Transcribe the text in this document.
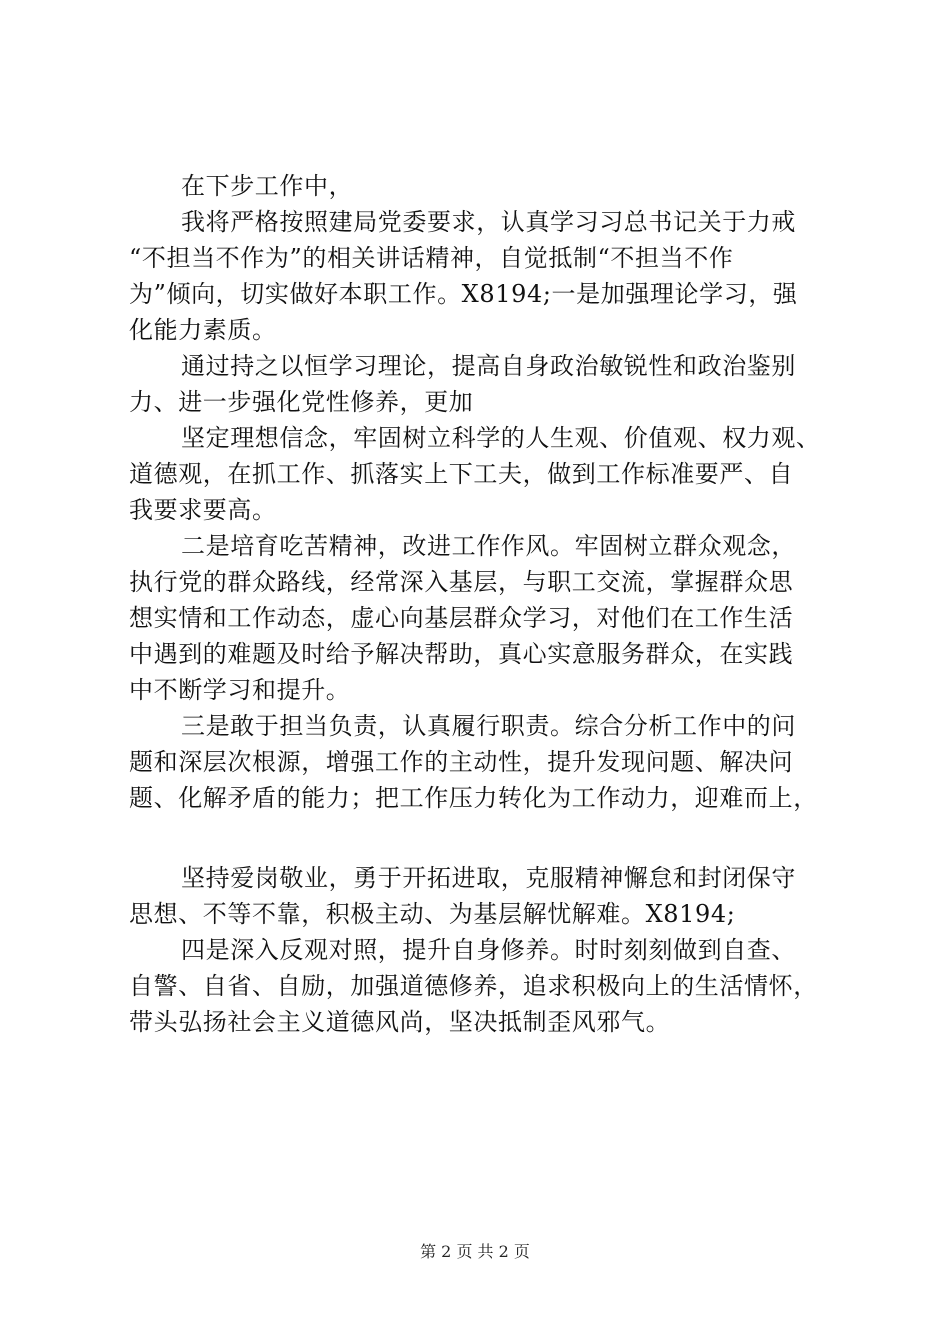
在下步工作中，
我将严格按照建局党委要求，认真学习习总书记关于力戒
“不担当不作为”的相关讲话精神，自觉抵制“不担当不作
为”倾向，切实做好本职工作。X8194;一是加强理论学习，强
化能力素质。
通过持之以恒学习理论，提高自身政治敏锐性和政治鉴别
力、进一步强化党性修养，更加
坚定理想信念，牢固树立科学的人生观、价值观、权力观、
道德观，在抓工作、抓落实上下工夫，做到工作标准要严、自
我要求要高。
二是培育吃苦精神，改进工作作风。牢固树立群众观念，
执行党的群众路线，经常深入基层，与职工交流，掌握群众思
想实情和工作动态，虚心向基层群众学习，对他们在工作生活
中遇到的难题及时给予解决帮助，真心实意服务群众，在实践
中不断学习和提升。
三是敢于担当负责，认真履行职责。综合分析工作中的问
题和深层次根源，增强工作的主动性，提升发现问题、解决问
题、化解矛盾的能力；把工作压力转化为工作动力，迎难而上，
坚持爱岗敬业，勇于开拓进取，克服精神懈怠和封闭保守
思想、不等不靠，积极主动、为基层解忧解难。X8194;
四是深入反观对照，提升自身修养。时时刻刻做到自查、
自警、自省、自励，加强道德修养，追求积极向上的生活情怀，
带头弘扬社会主义道德风尚，坚决抵制歪风邪气。
第 2 页 共 2 页
